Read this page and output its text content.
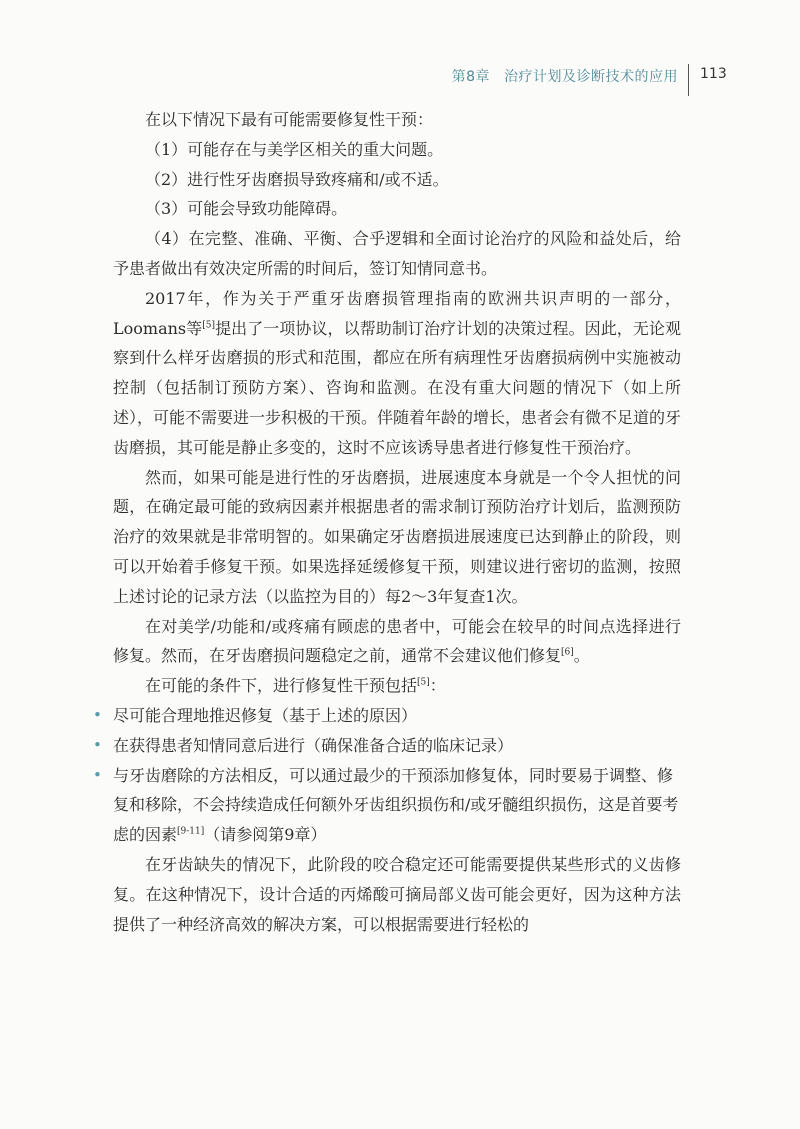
第8章 治疗计划及诊断技术的应用 113

在以下情况下最有可能需要修复性干预：

（1）可能存在与美学区相关的重大问题。

（2）进行性牙齿磨损导致疼痛和/或不适。

（3）可能会导致功能障碍。

（4）在完整、准确、平衡、合乎逻辑和全面讨论治疗的风险和益处后，给予患者做出有效决定所需的时间后，签订知情同意书。

2017年，作为关于严重牙齿磨损管理指南的欧洲共识声明的一部分，Loomans等[5]提出了一项协议，以帮助制订治疗计划的决策过程。因此，无论观察到什么样牙齿磨损的形式和范围，都应在所有病理性牙齿磨损病例中实施被动控制（包括制订预防方案）、咨询和监测。在没有重大问题的情况下（如上所述），可能不需要进一步积极的干预。伴随着年龄的增长，患者会有微不足道的牙齿磨损，其可能是静止多变的，这时不应该诱导患者进行修复性干预治疗。

然而，如果可能是进行性的牙齿磨损，进展速度本身就是一个令人担忧的问题，在确定最可能的致病因素并根据患者的需求制订预防治疗计划后，监测预防治疗的效果就是非常明智的。如果确定牙齿磨损进展速度已达到静止的阶段，则可以开始着手修复干预。如果选择延缓修复干预，则建议进行密切的监测，按照上述讨论的记录方法（以监控为目的）每2～3年复查1次。

在对美学/功能和/或疼痛有顾虑的患者中，可能会在较早的时间点选择进行修复。然而，在牙齿磨损问题稳定之前，通常不会建议他们修复[6]。

在可能的条件下，进行修复性干预包括[5]：

• 尽可能合理地推迟修复（基于上述的原因）
• 在获得患者知情同意后进行（确保准备合适的临床记录）
• 与牙齿磨除的方法相反，可以通过最少的干预添加修复体，同时要易于调整、修复和移除，不会持续造成任何额外牙齿组织损伤和/或牙髓组织损伤，这是首要考虑的因素[9-11]（请参阅第9章）

在牙齿缺失的情况下，此阶段的咬合稳定还可能需要提供某些形式的义齿修复。在这种情况下，设计合适的丙烯酸可摘局部义齿可能会更好，因为这种方法提供了一种经济高效的解决方案，可以根据需要进行轻松的
